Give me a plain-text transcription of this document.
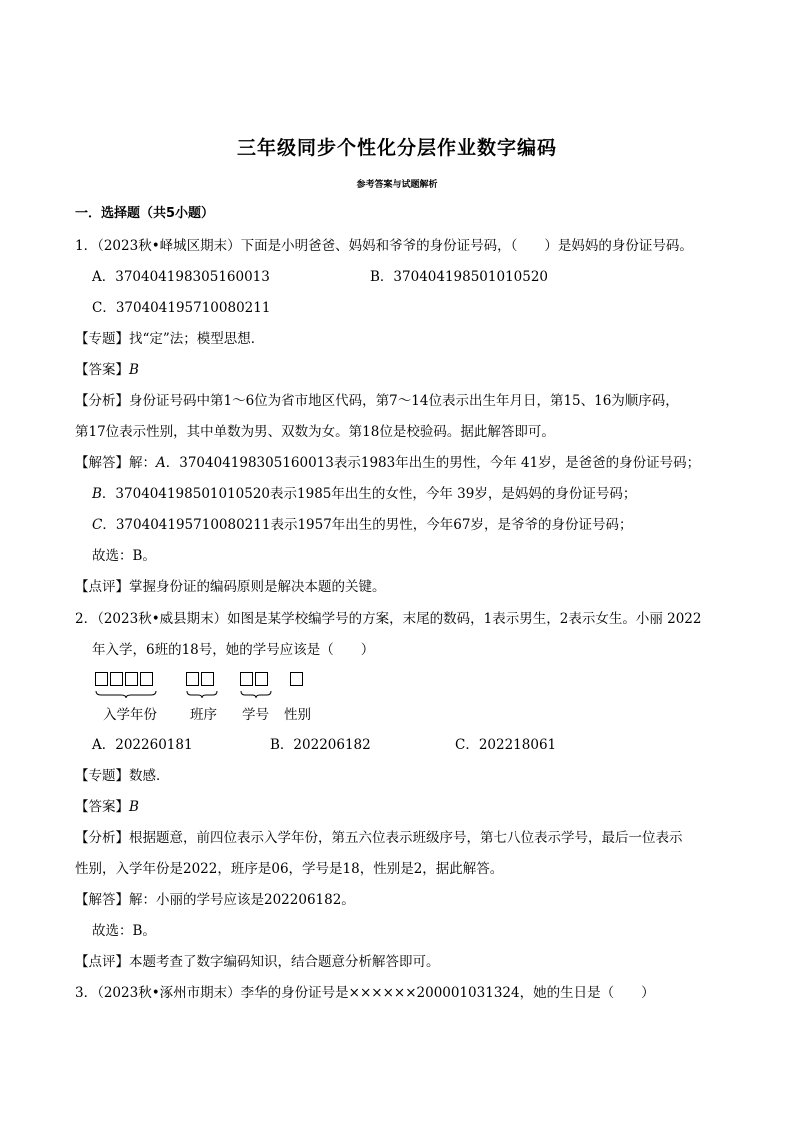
三年级同步个性化分层作业数字编码
参考答案与试题解析
一．选择题（共5小题）
1．（2023秋•峄城区期末）下面是小明爸爸、妈妈和爷爷的身份证号码，（　　）是妈妈的身份证号码。
A．370404198305160013	B．370404198501010520
C．370404195710080211
【专题】找“定”法；模型思想．
【答案】B
【分析】身份证号码中第1～6位为省市地区代码，第7～14位表示出生年月日，第15、16为顺序码，
第17位表示性别，其中单数为男、双数为女。第18位是校验码。据此解答即可。
【解答】解：A．370404198305160013表示1983年出生的男性，今年 41岁，是爸爸的身份证号码；
B．370404198501010520表示1985年出生的女性，今年 39岁，是妈妈的身份证号码；
C．370404195710080211表示1957年出生的男性，今年67岁，是爷爷的身份证号码；
故选：B。
【点评】掌握身份证的编码原则是解决本题的关键。
2．（2023秋•威县期末）如图是某学校编学号的方案，末尾的数码，1表示男生，2表示女生。小丽 2022
年入学，6班的18号，她的学号应该是（　　）
入学年份 班序 学号 性别
A．202260181	B．202206182	C．202218061
【专题】数感．
【答案】B
【分析】根据题意，前四位表示入学年份，第五六位表示班级序号，第七八位表示学号，最后一位表示
性别，入学年份是2022，班序是06，学号是18，性别是2，据此解答。
【解答】解：小丽的学号应该是202206182。
故选：B。
【点评】本题考查了数字编码知识，结合题意分析解答即可。
3．（2023秋•涿州市期末）李华的身份证号是××××××200001031324，她的生日是（　　）
